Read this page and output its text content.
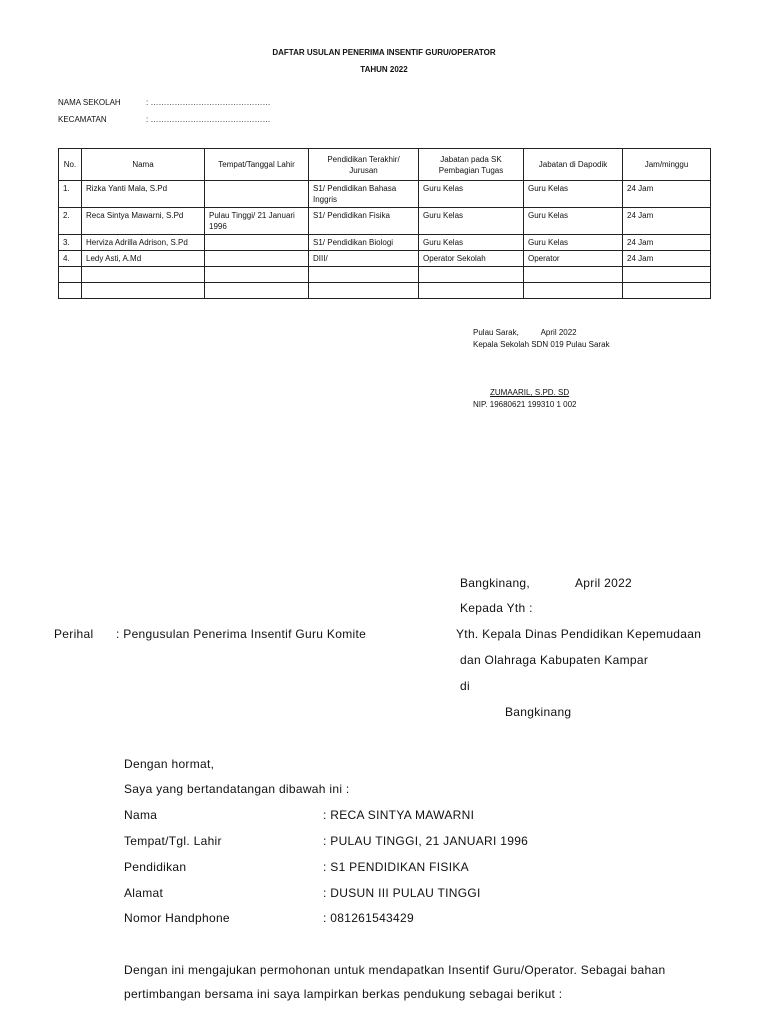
DAFTAR USULAN PENERIMA INSENTIF GURU/OPERATOR
TAHUN 2022
NAMA SEKOLAH	: ………………………………………
KECAMATAN	: ………………………………………
No.	Nama	Tempat/Tanggal Lahir	Pendidikan Terakhir/ Jurusan	Jabatan pada SK Pembagian Tugas	Jabatan di Dapodik	Jam/minggu
1.	Rizka Yanti Mala, S.Pd		S1/ Pendidikan Bahasa Inggris	Guru Kelas	Guru Kelas	24 Jam
2.	Reca Sintya Mawarni, S.Pd	Pulau Tinggi/ 21 Januari 1996	S1/ Pendidikan Fisika	Guru Kelas	Guru Kelas	24 Jam
3.	Herviza Adrilla Adrison, S.Pd		S1/ Pendidikan Biologi	Guru Kelas	Guru Kelas	24 Jam
4.	Ledy Asti, A.Md		DIII/	Operator Sekolah	Operator	24 Jam

Pulau Sarak,          April 2022
Kepala Sekolah SDN 019 Pulau Sarak
ZUMAARIL, S.PD. SD
NIP. 19680621 199310 1 002
Bangkinang,	April 2022
Kepada Yth :
Perihal : Pengusulan Penerima Insentif Guru Komite	Yth. Kepala Dinas Pendidikan Kepemudaan
dan Olahraga Kabupaten Kampar
di
Bangkinang
Dengan hormat,
Saya yang bertandatangan dibawah ini :
Nama	: RECA SINTYA MAWARNI
Tempat/Tgl. Lahir	: PULAU TINGGI, 21 JANUARI 1996
Pendidikan	: S1 PENDIDIKAN FISIKA
Alamat	: DUSUN III PULAU TINGGI
Nomor Handphone	: 081261543429
Dengan ini mengajukan permohonan untuk mendapatkan Insentif Guru/Operator. Sebagai bahan
pertimbangan bersama ini saya lampirkan berkas pendukung sebagai berikut :
